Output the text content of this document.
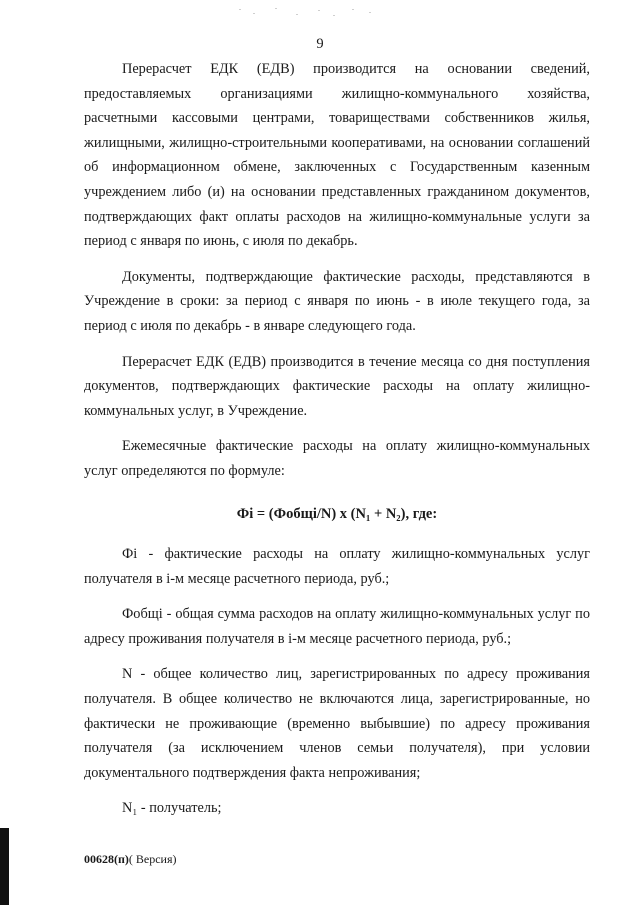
9

Перерасчет ЕДК (ЕДВ) производится на основании сведений, предоставляемых организациями жилищно-коммунального хозяйства, расчетными кассовыми центрами, товариществами собственников жилья, жилищными, жилищно-строительными кооперативами, на основании соглашений об информационном обмене, заключенных с Государственным казенным учреждением либо (и) на основании представленных гражданином документов, подтверждающих факт оплаты расходов на жилищно-коммунальные услуги за период с января по июнь, с июля по декабрь.

Документы, подтверждающие фактические расходы, представляются в Учреждение в сроки: за период с января по июнь - в июле текущего года, за период с июля по декабрь - в январе следующего года.

Перерасчет ЕДК (ЕДВ) производится в течение месяца со дня поступления документов, подтверждающих фактические расходы на оплату жилищно-коммунальных услуг, в Учреждение.

Ежемесячные фактические расходы на оплату жилищно-коммунальных услуг определяются по формуле:

Фi = (Фобщi/N) х (N₁ + N₂), где:

Фi - фактические расходы на оплату жилищно-коммунальных услуг получателя в i-м месяце расчетного периода, руб.;

Фобщi - общая сумма расходов на оплату жилищно-коммунальных услуг по адресу проживания получателя в i-м месяце расчетного периода, руб.;

N - общее количество лиц, зарегистрированных по адресу проживания получателя. В общее количество не включаются лица, зарегистрированные, но фактически не проживающие (временно выбывшие) по адресу проживания получателя (за исключением членов семьи получателя), при условии документального подтверждения факта непроживания;

N₁ - получатель;

00628(п)( Версия)
